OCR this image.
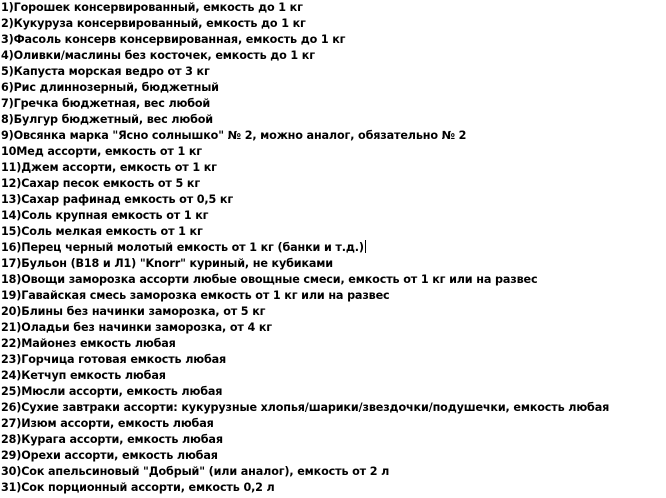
1)Горошек консервированный, емкость до 1 кг
2)Кукуруза консервированный, емкость до 1 кг
3)Фасоль консерв консервированная, емкость до 1 кг
4)Оливки/маслины без косточек, емкость до 1 кг
5)Капуста морская ведро от 3 кг
6)Рис длиннозерный, бюджетный
7)Гречка бюджетная, вес любой
8)Булгур бюджетный, вес любой
9)Овсянка марка "Ясно солнышко" № 2, можно аналог, обязательно № 2
10Мед ассорти, емкость от 1 кг
11)Джем ассорти, емкость от 1 кг
12)Сахар песок емкость от 5 кг
13)Сахар рафинад емкость от 0,5 кг
14)Соль крупная емкость от 1 кг
15)Соль мелкая емкость от 1 кг
16)Перец черный молотый емкость от 1 кг (банки и т.д.)
17)Бульон (В18 и Л1) "Knorr" куриный, не кубиками
18)Овощи заморозка ассорти любые овощные смеси, емкость от 1 кг или на развес
19)Гавайская смесь заморозка емкость от 1 кг или на развес
20)Блины без начинки заморозка, от 5 кг
21)Оладьи без начинки заморозка, от 4 кг
22)Майонез емкость любая
23)Горчица готовая емкость любая
24)Кетчуп емкость любая
25)Мюсли ассорти, емкость любая
26)Сухие завтраки ассорти: кукурузные хлопья/шарики/звездочки/подушечки, емкость любая
27)Изюм ассорти, емкость любая
28)Курага ассорти, емкость любая
29)Орехи ассорти, емкость любая
30)Сок апельсиновый "Добрый" (или аналог), емкость от 2 л
31)Сок порционный ассорти, емкость 0,2 л
